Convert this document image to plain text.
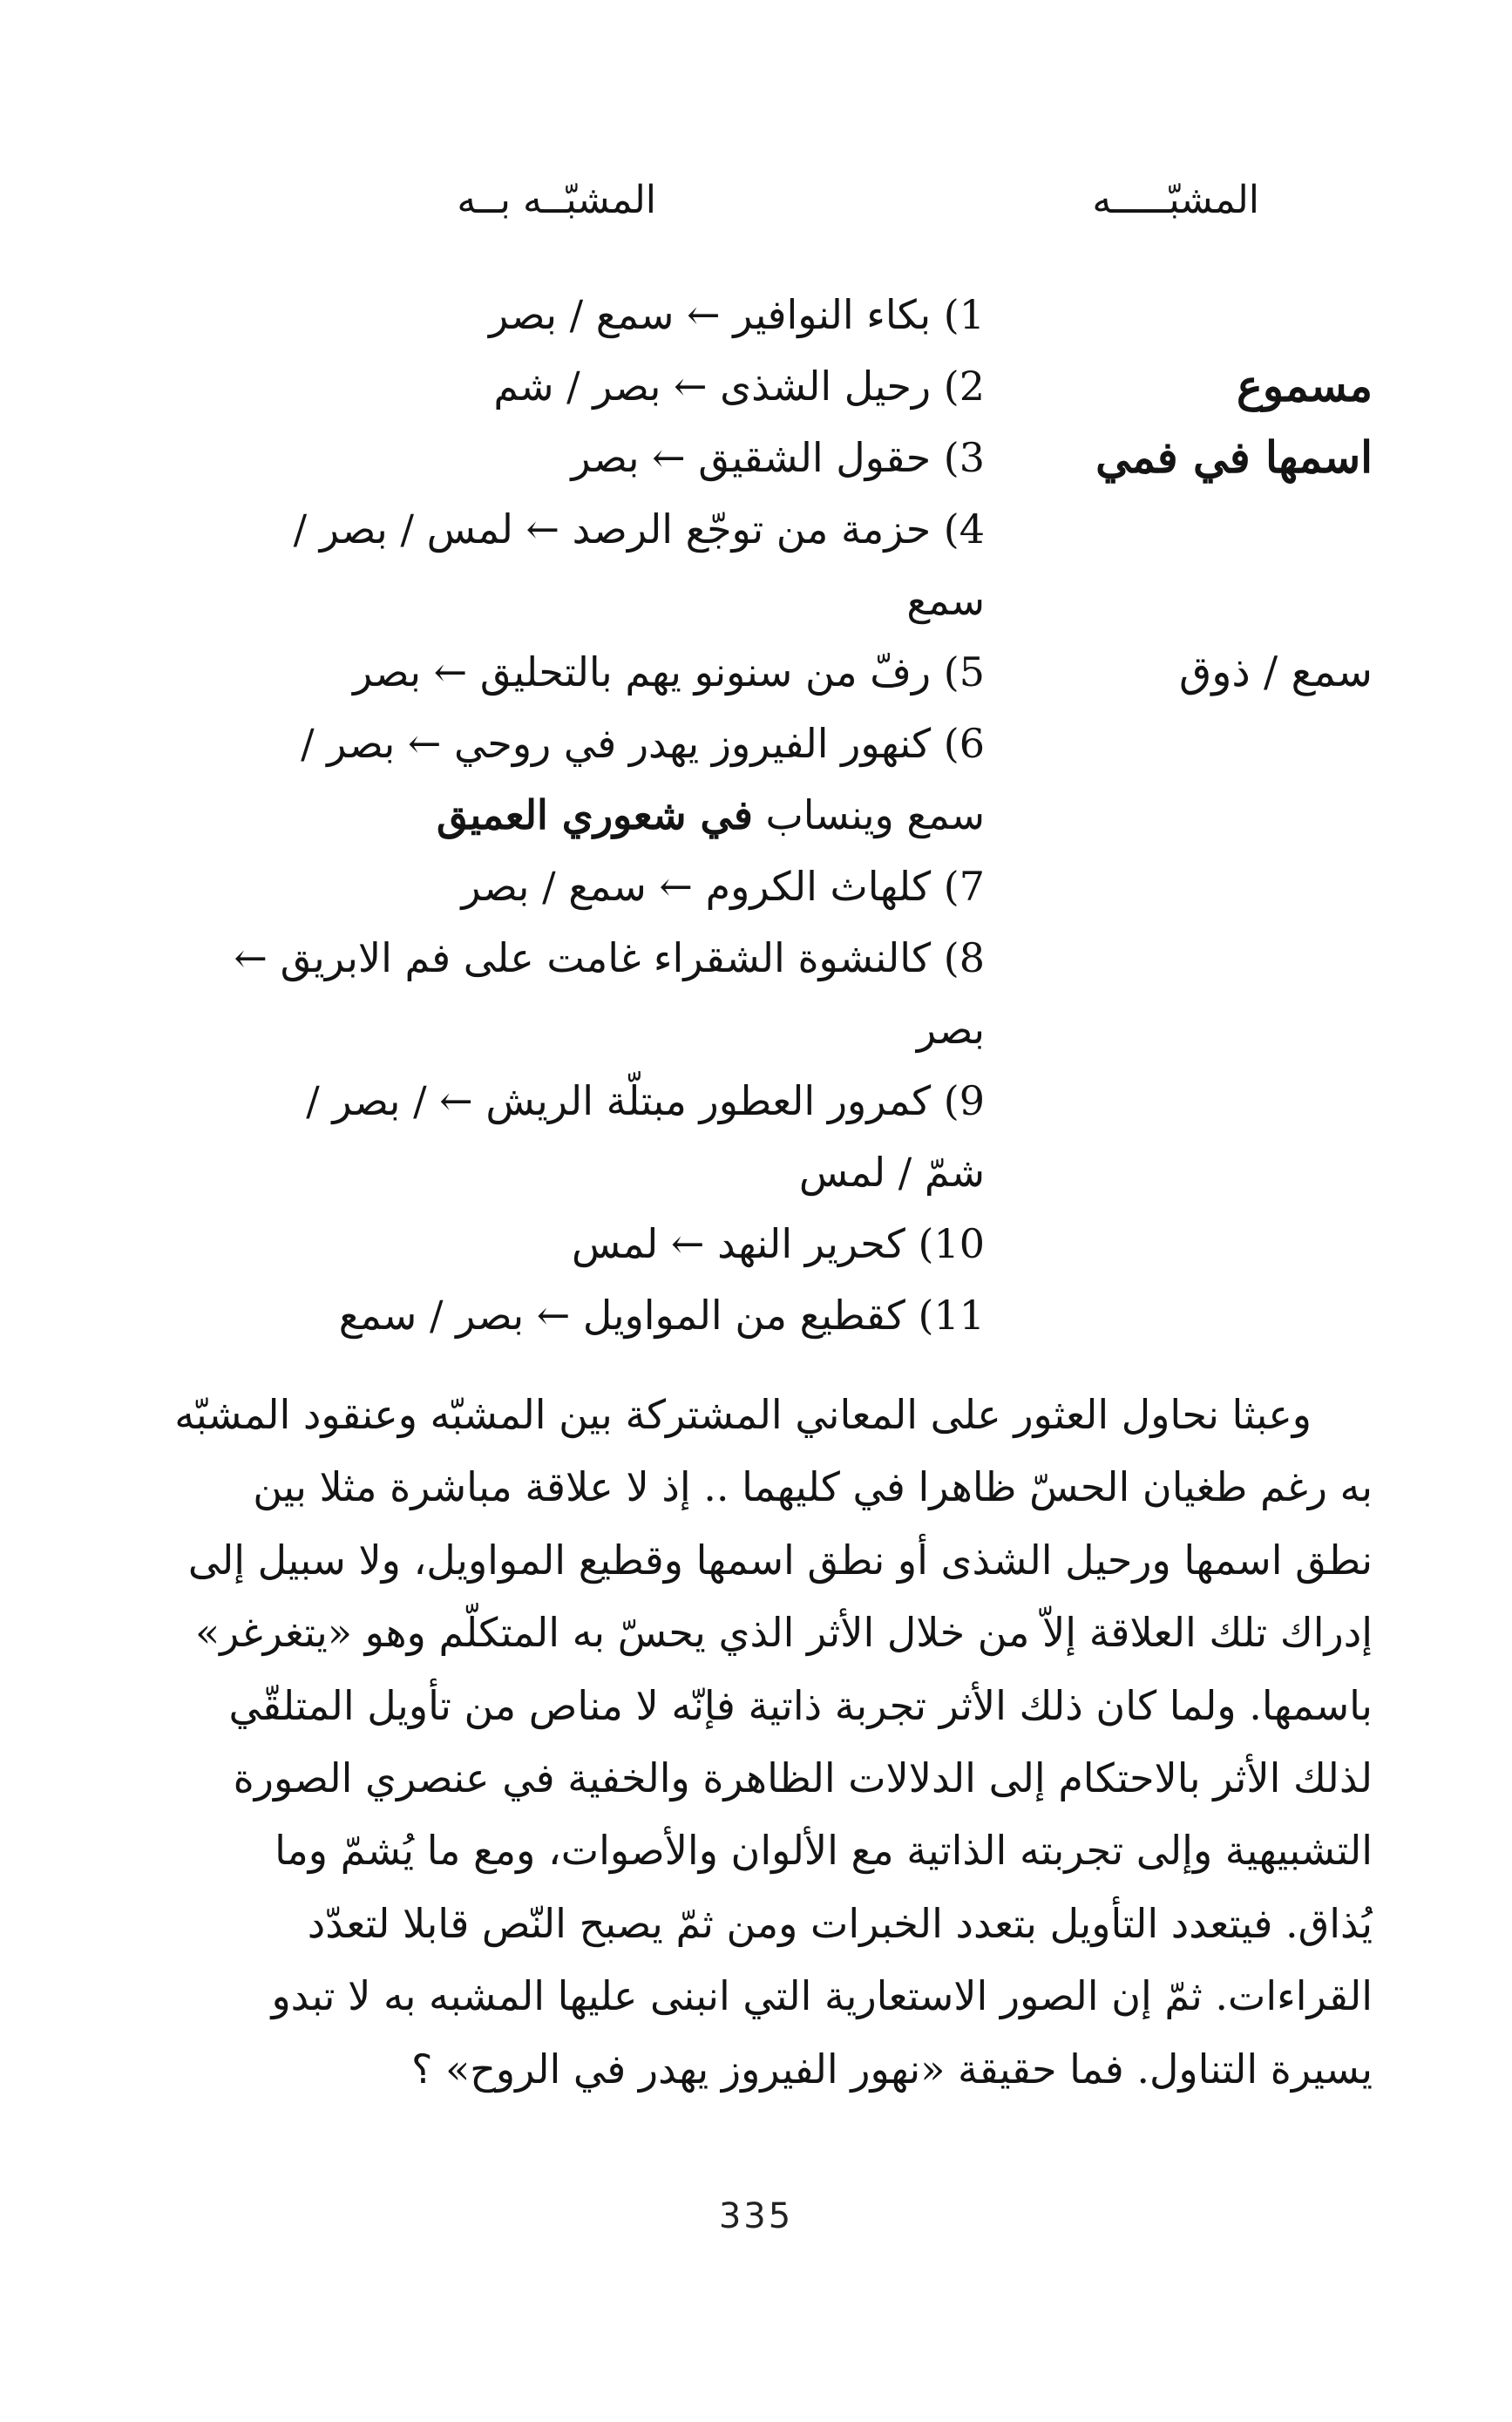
المشبّـــــه
المشبّــه بــه
مسموع
اسمها في فمي
سمع / ذوق
1) بكاء النوافير ← سمع / بصر
2) رحيل الشذى ← بصر / شم
3) حقول الشقيق ← بصر
4) حزمة من توجّع الرصد ← لمس / بصر /
سمع
5) رفّ من سنونو يهم بالتحليق ← بصر
6) كنهور الفيروز يهدر في روحي ← بصر /
سمع وينساب في شعوري العميق
7) كلهاث الكروم ← سمع / بصر
8) كالنشوة الشقراء غامت على فم الابريق ←
بصر
9) كمرور العطور مبتلّة الريش ← / بصر /
شمّ / لمس
10) كحرير النهد ← لمس
11) كقطيع من المواويل ← بصر / سمع
وعبثا نحاول العثور على المعاني المشتركة بين المشبّه وعنقود المشبّه
به رغم طغيان الحسّ ظاهرا في كليهما .. إذ لا علاقة مباشرة مثلا بين
نطق اسمها ورحيل الشذى أو نطق اسمها وقطيع المواويل، ولا سبيل إلى
إدراك تلك العلاقة إلاّ من خلال الأثر الذي يحسّ به المتكلّم وهو «يتغرغر»
باسمها. ولما كان ذلك الأثر تجربة ذاتية فإنّه لا مناص من تأويل المتلقّي
لذلك الأثر بالاحتكام إلى الدلالات الظاهرة والخفية في عنصري الصورة
التشبيهية وإلى تجربته الذاتية مع الألوان والأصوات، ومع ما يُشمّ وما
يُذاق. فيتعدد التأويل بتعدد الخبرات ومن ثمّ يصبح النّص قابلا لتعدّد
القراءات. ثمّ إن الصور الاستعارية التي انبنى عليها المشبه به لا تبدو
يسيرة التناول. فما حقيقة «نهور الفيروز يهدر في الروح» ؟
335
